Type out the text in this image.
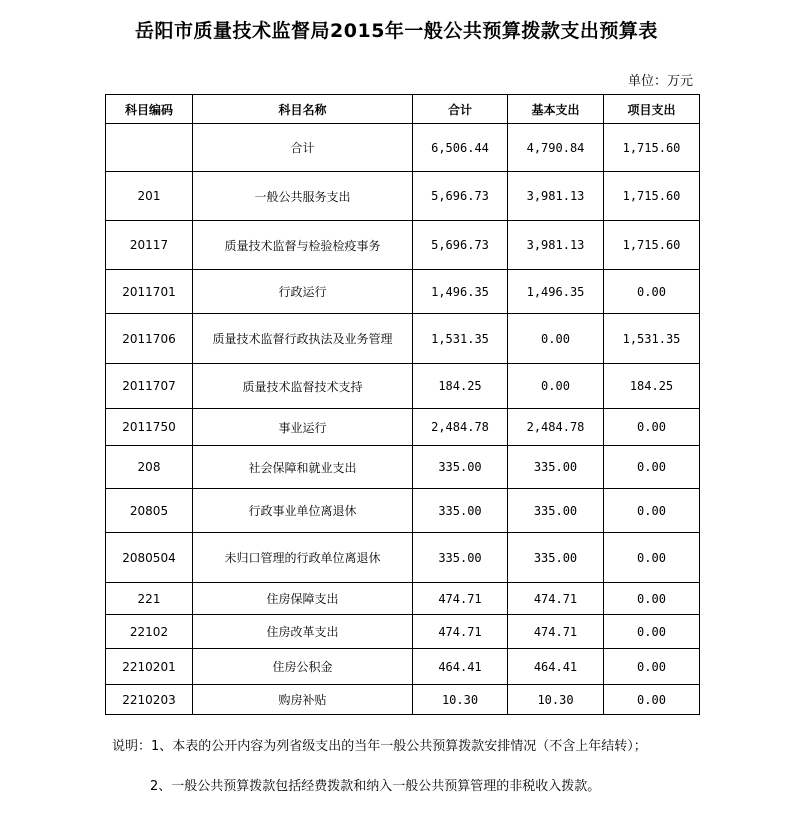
岳阳市质量技术监督局2015年一般公共预算拨款支出预算表
单位：万元
科目编码	科目名称	合计	基本支出	项目支出
	合计	6,506.44	4,790.84	1,715.60
201	一般公共服务支出	5,696.73	3,981.13	1,715.60
20117	质量技术监督与检验检疫事务	5,696.73	3,981.13	1,715.60
2011701	行政运行	1,496.35	1,496.35	0.00
2011706	质量技术监督行政执法及业务管理	1,531.35	0.00	1,531.35
2011707	质量技术监督技术支持	184.25	0.00	184.25
2011750	事业运行	2,484.78	2,484.78	0.00
208	社会保障和就业支出	335.00	335.00	0.00
20805	行政事业单位离退休	335.00	335.00	0.00
2080504	未归口管理的行政单位离退休	335.00	335.00	0.00
221	住房保障支出	474.71	474.71	0.00
22102	住房改革支出	474.71	474.71	0.00
2210201	住房公积金	464.41	464.41	0.00
2210203	购房补贴	10.30	10.30	0.00
说明：1、本表的公开内容为列省级支出的当年一般公共预算拨款安排情况（不含上年结转）；
2、一般公共预算拨款包括经费拨款和纳入一般公共预算管理的非税收入拨款。
